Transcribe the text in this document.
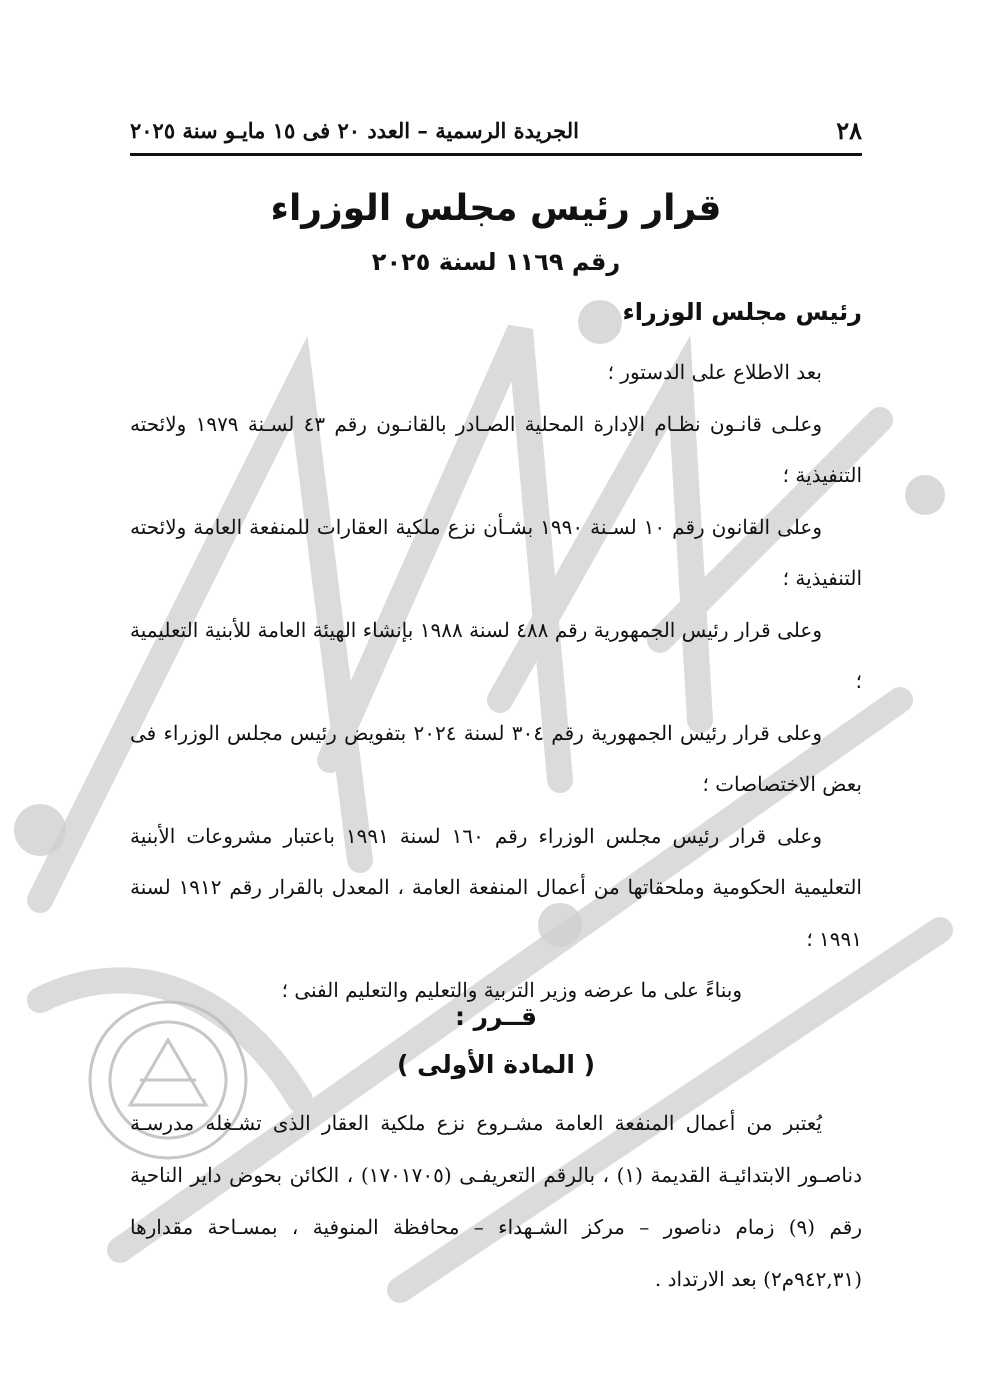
٢٨
الجريدة الرسمية – العدد ٢٠ فى ١٥ مايـو سنة ٢٠٢٥
قرار رئيس مجلس الوزراء
رقم ١١٦٩ لسنة ٢٠٢٥
رئيس مجلس الوزراء

بعد الاطلاع على الدستور ؛

وعلـى قانـون نظـام الإدارة المحلية الصـادر بالقانـون رقم ٤٣ لسـنة ١٩٧٩ ولائحته التنفيذية ؛

وعلى القانون رقم ١٠ لسـنة ١٩٩٠ بشـأن نزع ملكية العقارات للمنفعة العامة ولائحته التنفيذية ؛

وعلى قرار رئيس الجمهورية رقم ٤٨٨ لسنة ١٩٨٨ بإنشاء الهيئة العامة للأبنية التعليمية ؛

وعلى قرار رئيس الجمهورية رقم ٣٠٤ لسنة ٢٠٢٤ بتفويض رئيس مجلس الوزراء فى بعض الاختصاصات ؛

وعلى قرار رئيس مجلس الوزراء رقم ١٦٠ لسنة ١٩٩١ باعتبار مشروعات الأبنية التعليمية الحكومية وملحقاتها من أعمال المنفعة العامة ، المعدل بالقرار رقم ١٩١٢ لسنة ١٩٩١ ؛

وبناءً على ما عرضه وزير التربية والتعليم والتعليم الفنى ؛

قــرر :
( المادة الأولى )

يُعتبر من أعمال المنفعة العامة مشـروع نزع ملكية العقار الذى تشـغله مدرسـة دناصـور الابتدائيـة القديمة (١) ، بالرقم التعريفـى (١٧٠١٧٠٥) ، الكائن بحوض داير الناحية رقم (٩) زمام دناصور – مركز الشـهداء – محافظة المنوفية ، بمسـاحة مقدارها (٩٤٢,٣١م٢) بعد الارتداد .
